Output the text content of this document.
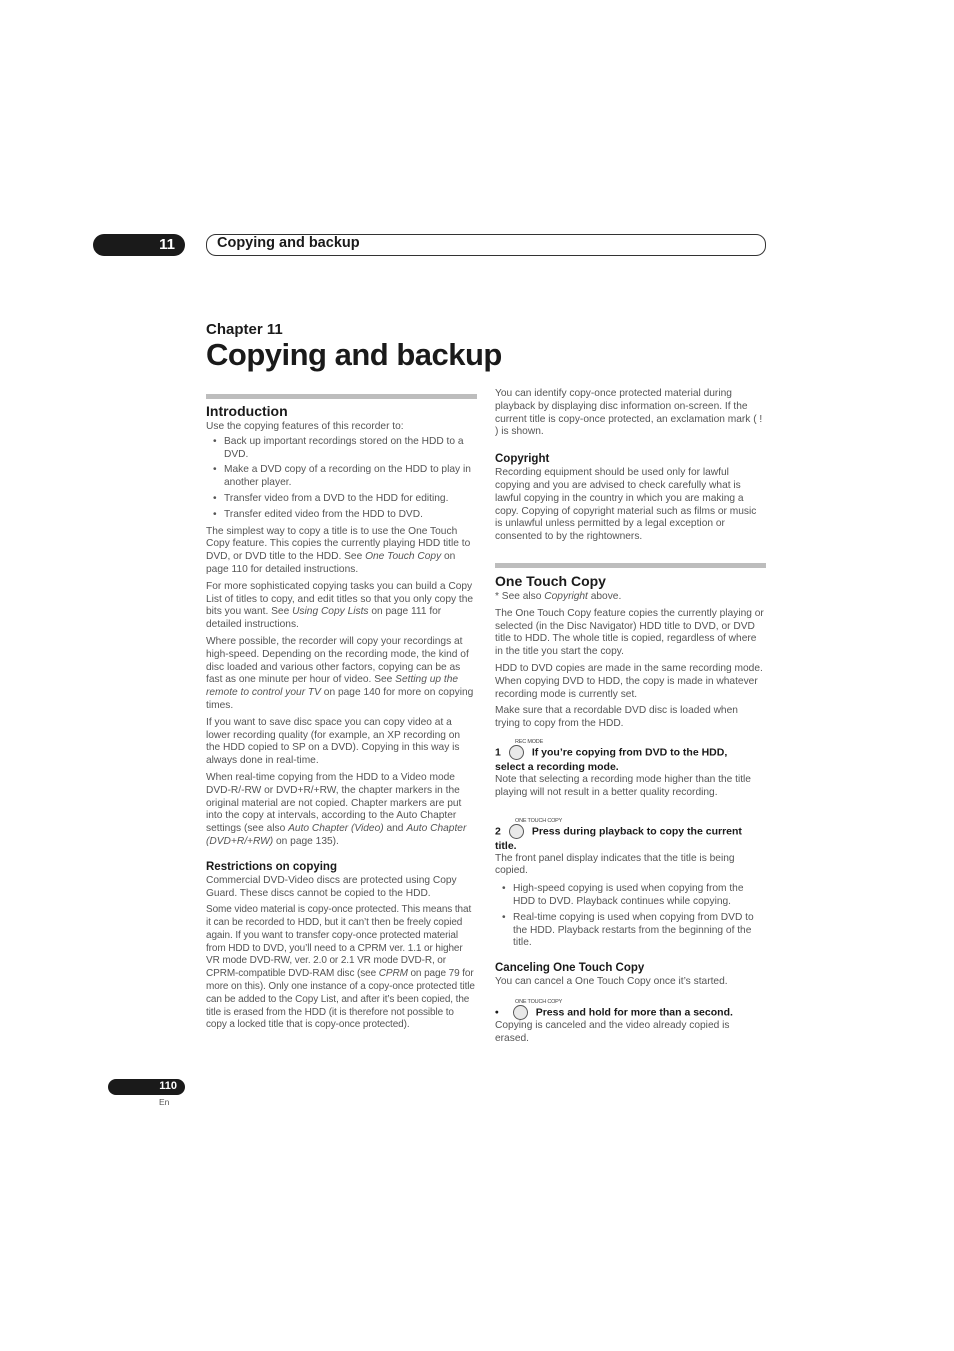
11	Copying and backup
Chapter 11
Copying and backup
Introduction

Use the copying features of this recorder to:

• Back up important recordings stored on the HDD to a DVD.
• Make a DVD copy of a recording on the HDD to play in another player.
• Transfer video from a DVD to the HDD for editing.
• Transfer edited video from the HDD to DVD.

The simplest way to copy a title is to use the One Touch Copy feature. This copies the currently playing HDD title to DVD, or DVD title to the HDD. See One Touch Copy on page 110 for detailed instructions.

For more sophisticated copying tasks you can build a Copy List of titles to copy, and edit titles so that you only copy the bits you want. See Using Copy Lists on page 111 for detailed instructions.

Where possible, the recorder will copy your recordings at high-speed. Depending on the recording mode, the kind of disc loaded and various other factors, copying can be as fast as one minute per hour of video. See Setting up the remote to control your TV on page 140 for more on copying times.

If you want to save disc space you can copy video at a lower recording quality (for example, an XP recording on the HDD copied to SP on a DVD). Copying in this way is always done in real-time.

When real-time copying from the HDD to a Video mode DVD-R/-RW or DVD+R/+RW, the chapter markers in the original material are not copied. Chapter markers are put into the copy at intervals, according to the Auto Chapter settings (see also Auto Chapter (Video) and Auto Chapter (DVD+R/+RW) on page 135).

Restrictions on copying

Commercial DVD-Video discs are protected using Copy Guard. These discs cannot be copied to the HDD.

Some video material is copy-once protected. This means that it can be recorded to HDD, but it can’t then be freely copied again. If you want to transfer copy-once protected material from HDD to DVD, you’ll need to a CPRM ver. 1.1 or higher VR mode DVD-RW, ver. 2.0 or 2.1 VR mode DVD-R, or CPRM-compatible DVD-RAM disc (see CPRM on page 79 for more on this). Only one instance of a copy-once protected title can be added to the Copy List, and after it’s been copied, the title is erased from the HDD (it is therefore not possible to copy a locked title that is copy-once protected).

You can identify copy-once protected material during playback by displaying disc information on-screen. If the current title is copy-once protected, an exclamation mark ( ! ) is shown.

Copyright

Recording equipment should be used only for lawful copying and you are advised to check carefully what is lawful copying in the country in which you are making a copy. Copying of copyright material such as films or music is unlawful unless permitted by a legal exception or consented to by the rightowners.

One Touch Copy

* See also Copyright above.

The One Touch Copy feature copies the currently playing or selected (in the Disc Navigator) HDD title to DVD, or DVD title to HDD. The whole title is copied, regardless of where in the title you start the copy.

HDD to DVD copies are made in the same recording mode. When copying DVD to HDD, the copy is made in whatever recording mode is currently set.

Make sure that a recordable DVD disc is loaded when trying to copy from the HDD.

REC MODE
1	If you’re copying from DVD to the HDD,
select a recording mode.

Note that selecting a recording mode higher than the title playing will not result in a better quality recording.

ONE TOUCH COPY
2	Press during playback to copy the current
title.

The front panel display indicates that the title is being copied.

• High-speed copying is used when copying from the HDD to DVD. Playback continues while copying.
• Real-time copying is used when copying from DVD to the HDD. Playback restarts from the beginning of the title.
Canceling One Touch Copy

You can cancel a One Touch Copy once it’s started.

ONE TOUCH COPY
•	Press and hold for more than a second.

Copying is canceled and the video already copied is erased.

110
En
